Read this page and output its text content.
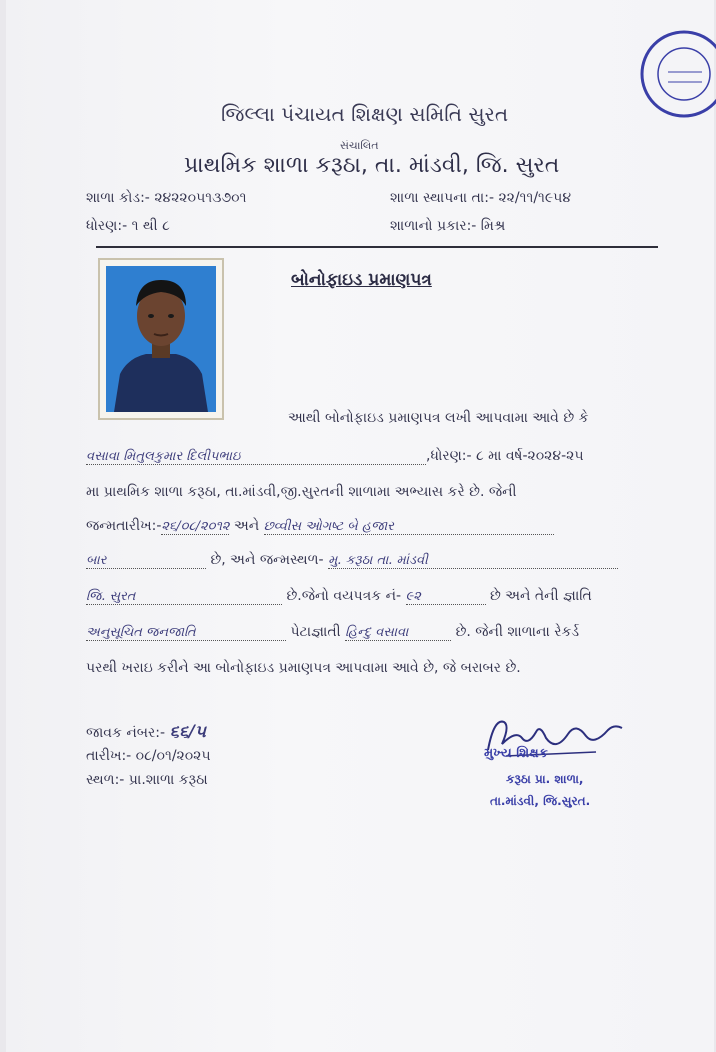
જિલ્લા પંચાયત શિક્ષણ સમિતિ સુરત
સંચાલિત
પ્રાથમિક શાળા કરૂઠા, તા. માંડવી, જિ. સુરત
શાળા કોડ:- ૨૪૨૨૦૫૧૩૭૦૧	શાળા સ્થાપના તા:- ૨૨/૧૧/૧૯૫૪
ધોરણ:- ૧ થી ૮	શાળાનો પ્રકાર:- મિશ્ર
બોનોફાઇડ પ્રમાણપત્ર
આથી બોનોફાઇડ પ્રમાણપત્ર લખી આપવામા આવે છે કે
વસાવા મિતુલકુમાર દિલીપભાઇ	,ધોરણ:- ૮ મા વર્ષ-૨૦૨૪-૨૫
મા પ્રાથમિક શાળા કરૂઠા, તા.માંડવી,જી.સુરતની શાળામા અભ્યાસ કરે છે. જેની
જન્મતારીખ:-૨૬/૦૮/૨૦૧૨ અને છવ્વીસ ઓગષ્ટ બે હજાર
બાર	છે, અને જન્મસ્થળ- મુ. કરૂઠા તા. માંડવી
જિ. સુરત	છે.જેનો વયપત્રક નં- ૯૨	છે અને તેની જ્ઞાતિ
અનુસૂચિત જનજાતિ	પેટાજ્ઞાતી હિન્દુ વસાવા	છે. જેની શાળાના રેકર્ડ
પરથી ખરાઇ કરીને આ બોનોફાઇડ પ્રમાણપત્ર આપવામા આવે છે, જે બરાબર છે.
જાવક નંબર:- ૬૬/૫
તારીખ:- ૦૮/૦૧/૨૦૨૫
સ્થળ:- પ્રા.શાળા કરૂઠા
મુખ્ય શિક્ષક
કરૂઠા પ્રા. શાળા,
તા.માંડવી, જિ.સુરત.
